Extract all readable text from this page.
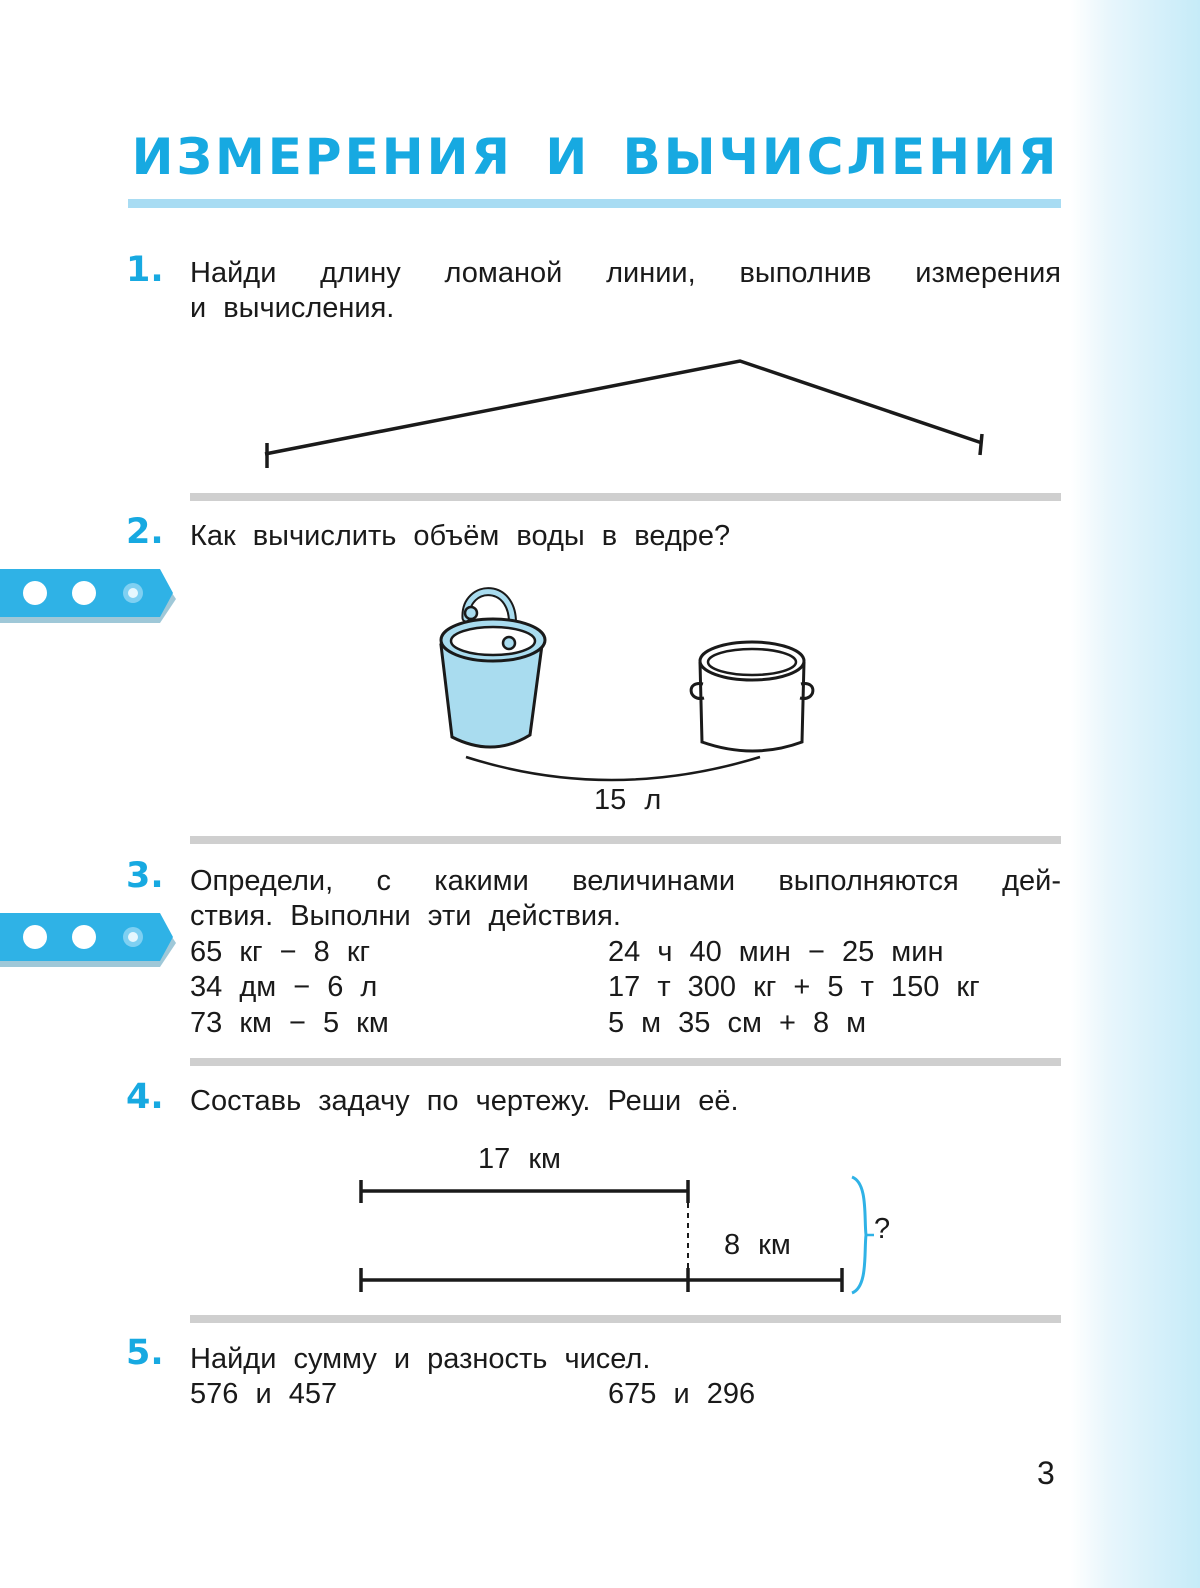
ИЗМЕРЕНИЯ И ВЫЧИСЛЕНИЯ
1. Найди длину ломаной линии, выполнив измерения
и вычисления.
2. Как вычислить объём воды в ведре?
15 л
3. Определи, с какими величинами выполняются дей-
ствия. Выполни эти действия.
65 кг − 8 кг
34 дм − 6 л
73 км − 5 км
24 ч 40 мин − 25 мин
17 т 300 кг + 5 т 150 кг
5 м 35 см + 8 м
4. Составь задачу по чертежу. Реши её.
17 км
8 км	?
5. Найди сумму и разность чисел.
576 и 457	675 и 296
3
